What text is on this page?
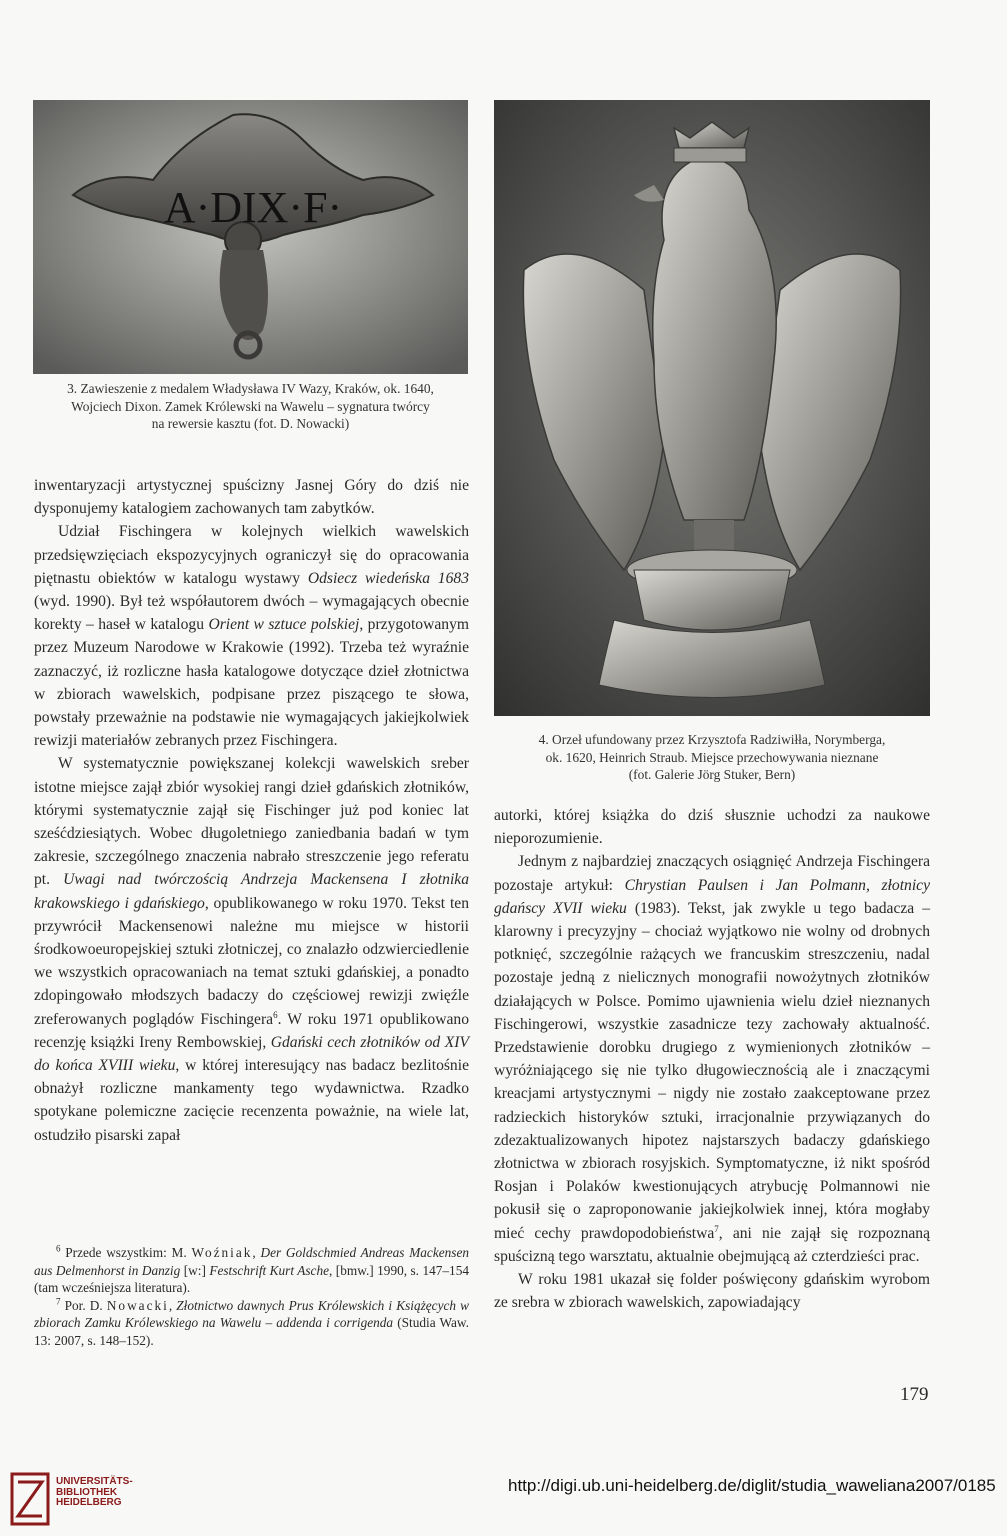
A·DIX·F·
3. Zawieszenie z medalem Władysława IV Wazy, Kraków, ok. 1640,
Wojciech Dixon. Zamek Królewski na Wawelu – sygnatura twórcy
na rewersie kasztu (fot. D. Nowacki)
4. Orzeł ufundowany przez Krzysztofa Radziwiłła, Norymberga,
ok. 1620, Heinrich Straub. Miejsce przechowywania nieznane
(fot. Galerie Jörg Stuker, Bern)

inwentaryzacji artystycznej spuścizny Jasnej Góry do dziś nie dysponujemy katalogiem zachowanych tam zabytków.

Udział Fischingera w kolejnych wielkich wawelskich przedsięwzięciach ekspozycyjnych ograniczył się do opracowania piętnastu obiektów w katalogu wystawy Odsiecz wiedeńska 1683 (wyd. 1990). Był też współautorem dwóch – wymagających obecnie korekty – haseł w katalogu Orient w sztuce polskiej, przygotowanym przez Muzeum Narodowe w Krakowie (1992). Trzeba też wyraźnie zaznaczyć, iż rozliczne hasła katalogowe dotyczące dzieł złotnictwa w zbiorach wawelskich, podpisane przez piszącego te słowa, powstały przeważnie na podstawie nie wymagających jakiejkolwiek rewizji materiałów zebranych przez Fischingera.

W systematycznie powiększanej kolekcji wawelskich sreber istotne miejsce zajął zbiór wysokiej rangi dzieł gdańskich złotników, którymi systematycznie zajął się Fischinger już pod koniec lat sześćdziesiątych. Wobec długoletniego zaniedbania badań w tym zakresie, szczególnego znaczenia nabrało streszczenie jego referatu pt. Uwagi nad twórczością Andrzeja Mackensena I złotnika krakowskiego i gdańskiego, opublikowanego w roku 1970. Tekst ten przywrócił Mackensenowi należne mu miejsce w historii środkowoeuropejskiej sztuki złotniczej, co znalazło odzwierciedlenie we wszystkich opracowaniach na temat sztuki gdańskiej, a ponadto zdopingowało młodszych badaczy do częściowej rewizji zwięźle zreferowanych poglądów Fischingera$^6$. W roku 1971 opublikowano recenzję książki Ireny Rembowskiej, Gdański cech złotników od XIV do końca XVIII wieku, w której interesujący nas badacz bezlitośnie obnażył rozliczne mankamenty tego wydawnictwa. Rzadko spotykane polemiczne zacięcie recenzenta poważnie, na wiele lat, ostudziło pisarski zapał

$^6$ Przede wszystkim: M. Woźniak, Der Goldschmied Andreas Mackensen aus Delmenhorst in Danzig [w:] Festschrift Kurt Asche, [bmw.] 1990, s. 147–154 (tam wcześniejsza literatura).

$^7$ Por. D. Nowacki, Złotnictwo dawnych Prus Królewskich i Książęcych w zbiorach Zamku Królewskiego na Wawelu – addenda i corrigenda (Studia Waw. 13: 2007, s. 148–152).

autorki, której książka do dziś słusznie uchodzi za naukowe nieporozumienie.

Jednym z najbardziej znaczących osiągnięć Andrzeja Fischingera pozostaje artykuł: Chrystian Paulsen i Jan Polmann, złotnicy gdańscy XVII wieku (1983). Tekst, jak zwykle u tego badacza – klarowny i precyzyjny – chociaż wyjątkowo nie wolny od drobnych potknięć, szczególnie rażących we francuskim streszczeniu, nadal pozostaje jedną z nielicznych monografii nowożytnych złotników działających w Polsce. Pomimo ujawnienia wielu dzieł nieznanych Fischingerowi, wszystkie zasadnicze tezy zachowały aktualność. Przedstawienie dorobku drugiego z wymienionych złotników – wyróżniającego się nie tylko długowiecznością ale i znaczącymi kreacjami artystycznymi – nigdy nie zostało zaakceptowane przez radzieckich historyków sztuki, irracjonalnie przywiązanych do zdezaktualizowanych hipotez najstarszych badaczy gdańskiego złotnictwa w zbiorach rosyjskich. Symptomatyczne, iż nikt spośród Rosjan i Polaków kwestionujących atrybucję Polmannowi nie pokusił się o zaproponowanie jakiejkolwiek innej, która mogłaby mieć cechy prawdopodobieństwa$^7$, ani nie zajął się rozpoznaną spuścizną tego warsztatu, aktualnie obejmującą aż czterdzieści prac.

W roku 1981 ukazał się folder poświęcony gdańskim wyrobom ze srebra w zbiorach wawelskich, zapowiadający

179
UNIVERSITÄTS-
BIBLIOTHEK
HEIDELBERG
http://digi.ub.uni-heidelberg.de/diglit/studia_waweliana2007/0185
